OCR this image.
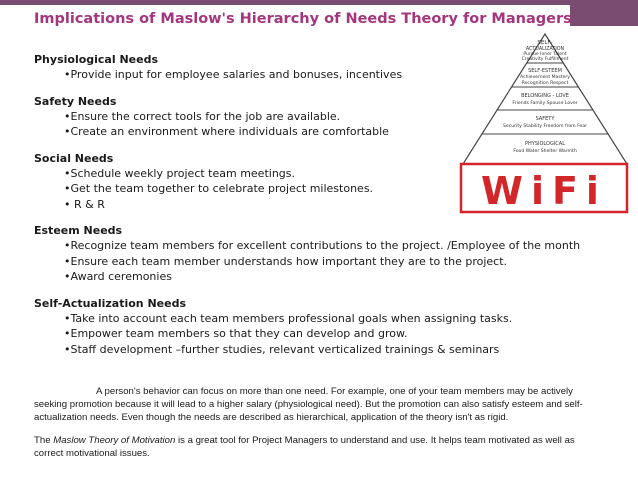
Implications of Maslow's Hierarchy of Needs Theory for Managers

Physiological Needs

•Provide input for employee salaries and bonuses, incentives

Safety Needs

•Ensure the correct tools for the job are available.
•Create an environment where individuals are comfortable

Social Needs

•Schedule weekly project team meetings.
•Get the team together to celebrate project milestones.
• R & R

Esteem Needs

•Recognize team members for excellent contributions to the project. /Employee of the month
•Ensure each team member understands how important they are to the project.
•Award ceremonies

Self-Actualization Needs

•Take into account each team members professional goals when assigning tasks.
•Empower team members so that they can develop and grow.
•Staff development –further studies, relevant verticalized trainings & seminars
A person's behavior can focus on more than one need. For example, one of your team members may be actively seeking promotion because it will lead to a higher salary (physiological need). But the promotion can also satisfy esteem and self-actualization needs. Even though the needs are described as hierarchical, application of the theory isn't as rigid.
The Maslow Theory of Motivation is a great tool for Project Managers to understand and use. It helps team motivated as well as correct motivational issues.
SELF-
ACTUALIZATION
Pursue Inner Talent
Creativity Fulfillment
SELF-ESTEEM
Achievement Mastery
Recognition Respect
BELONGING - LOVE
Friends Family Spouse Lover
SAFETY
Security Stability Freedom from Fear
PHYSIOLOGICAL
Food Water Shelter Warmth
WiFi
